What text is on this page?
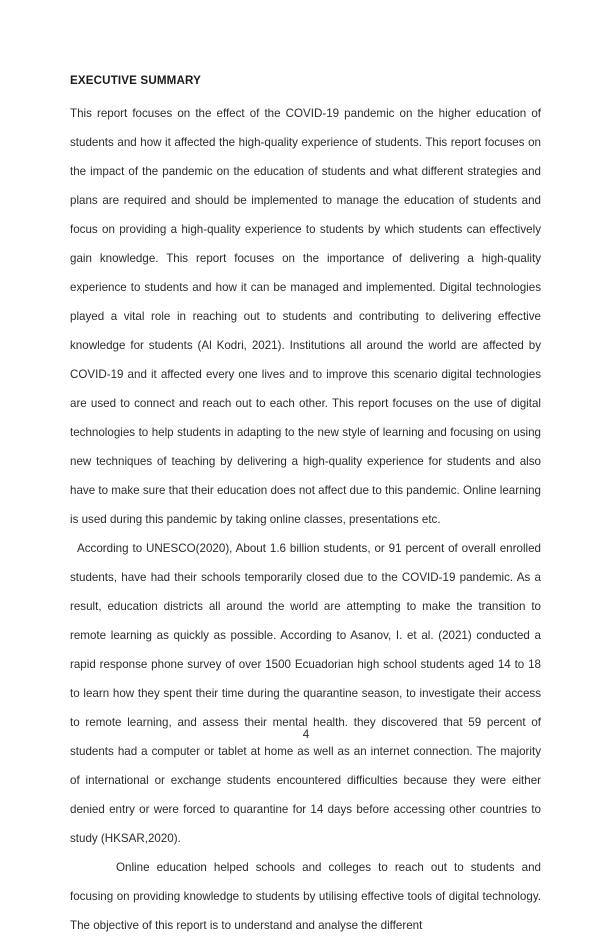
EXECUTIVE SUMMARY

This report focuses on the effect of the COVID-19 pandemic on the higher education of students and how it affected the high-quality experience of students. This report focuses on the impact of the pandemic on the education of students and what different strategies and plans are required and should be implemented to manage the education of students and focus on providing a high-quality experience to students by which students can effectively gain knowledge. This report focuses on the importance of delivering a high-quality experience to students and how it can be managed and implemented. Digital technologies played a vital role in reaching out to students and contributing to delivering effective knowledge for students (Al Kodri, 2021). Institutions all around the world are affected by COVID-19 and it affected every one lives and to improve this scenario digital technologies are used to connect and reach out to each other. This report focuses on the use of digital technologies to help students in adapting to the new style of learning and focusing on using new techniques of teaching by delivering a high-quality experience for students and also have to make sure that their education does not affect due to this pandemic. Online learning is used during this pandemic by taking online classes, presentations etc.

According to UNESCO(2020), About 1.6 billion students, or 91 percent of overall enrolled students, have had their schools temporarily closed due to the COVID-19 pandemic. As a result, education districts all around the world are attempting to make the transition to remote learning as quickly as possible. According to Asanov, I. et al. (2021) conducted a rapid response phone survey of over 1500 Ecuadorian high school students aged 14 to 18 to learn how they spent their time during the quarantine season, to investigate their access to remote learning, and assess their mental health. they discovered that 59 percent of students had a computer or tablet at home as well as an internet connection. The majority of international or exchange students encountered difficulties because they were either denied entry or were forced to quarantine for 14 days before accessing other countries to study (HKSAR,2020).

Online education helped schools and colleges to reach out to students and focusing on providing knowledge to students by utilising effective tools of digital technology. The objective of this report is to understand and analyse the different

4
